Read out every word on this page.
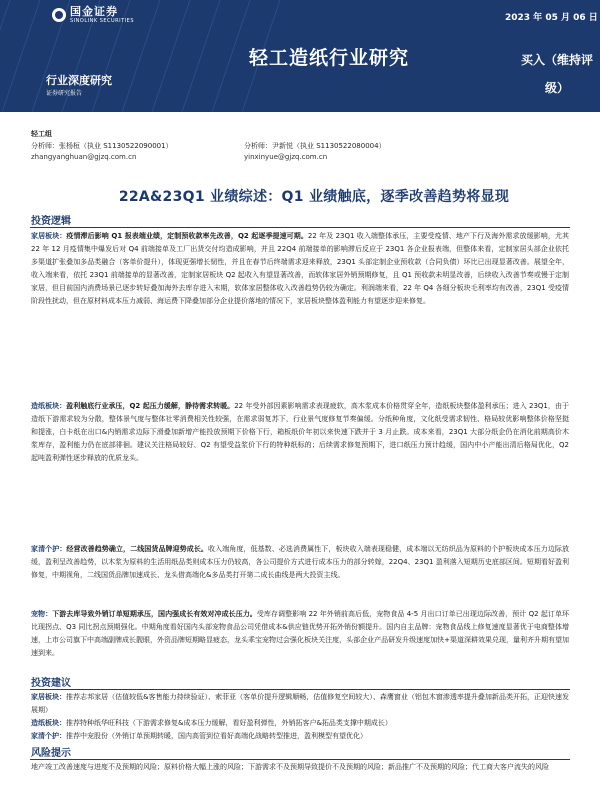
国金证券
SINOLINK SECURITIES	2023 年 05 月 06 日
轻工造纸行业研究	买入（维持评级）
行业深度研究
证券研究报告
轻工组
分析师：张杨桓（执业 S1130522090001）
zhangyanghuan@gjzq.com.cn
分析师：尹新悦（执业 S1130522080004）
yinxinyue@gjzq.com.cn
22A&23Q1 业绩综述：Q1 业绩触底，逐季改善趋势将显现
投资逻辑
家居板块：疫情滞后影响 Q1 报表端业绩，定制预收款率先改善，Q2 起逐季提速可期。22 年及 23Q1 收入端整体承压，主要受疫情、地产下行及海外需求放缓影响，尤其 22 年 12 月疫情集中爆发后对 Q4 前端接单及工厂出货交付均造成影响，并且 22Q4 前端接单的影响滞后反应于 23Q1 各企业报表端，但整体来看，定制家居头部企业依托多渠道扩张叠加多品类融合（客单价提升），体现更强增长韧性，并且在春节后终端需求迎来释放，23Q1 头部定制企业预收款（合同负债）环比已出现显著改善。展望全年，收入端来看，依托 23Q1 前端接单的显著改善，定制家居板块 Q2 起收入有望显著改善，而软体家居外销预期修复，且 Q1 预收款未明显改善，后续收入改善节奏或慢于定制家居，但目前国内消费场景已逐步转好叠加海外去库存进入末期，软体家居整体收入改善趋势仍较为确定。利润端来看，22 年 Q4 各细分板块毛利率均有改善，23Q1 受疫情阶段性扰动，但在原材料成本压力减弱、海运费下降叠加部分企业提价落地的情况下，家居板块整体盈利能力有望逐步迎来修复。
造纸板块：盈利触底行业承压，Q2 起压力缓解，静待需求转暖。22 年受外部因素影响需求表现疲软，高木浆成本价格贯穿全年，造纸板块整体盈利承压；进入 23Q1，由于造纸下游需求较为分散，整体景气度与整体社零消费相关性较强，在需求弱复苏下，行业景气度修复节奏偏缓。分纸种角度，文化纸受需求韧性、格局较优影响整体价格坚挺和提涨，白卡纸在出口&内销需求边际下滑叠加新增产能投放预期下价格下行，箱板纸价年初以来快速下跌并于 3 月止跌。成本来看，23Q1 大部分纸企仍在消化前期高价木浆库存，盈利能力仍在底部徘徊。建议关注格局较好、Q2 有望受益浆价下行的特种纸标的；后续需求修复预期下，进口纸压力预计趋缓，国内中小产能出清后格局优化，Q2 起吨盈利弹性逐步释放的优质龙头。
家清个护：经营改善趋势确立，二线国货品牌迎势成长。收入端角度，低基数、必选消费属性下，板块收入端表现稳健，成本端以无纺织品为原料的个护板块成本压力边际放缓，盈利呈改善趋势，以木浆为原料的生活用纸品类则成本压力仍较高，各公司提价方式进行成本压力的部分转嫁，22Q4、23Q1 盈利落入短期历史底部区间。短期看好盈利修复，中期视角，二线国货品牌加速成长、龙头借高端化&多品类打开第二成长曲线是两大投资主线。
宠物：下游去库导致外销订单短期承压，国内强成长有效对冲成长压力。受库存调整影响 22 年外销前高后低，宠物食品 4-5 月出口订单已出现边际改善，预计 Q2 起订单环比现拐点、Q3 同比拐点预期强化。中期角度看好国内头部宠物食品公司凭借成本&供应链优势开拓外销份额提升。国内自主品牌：宠物食品线上修复速度显著优于电商整体增速，上市公司旗下中高端副牌成长靓眼，外资品牌短期略显疲态，龙头乖宝宠物过会强化板块关注度，头部企业产品研发升级速度加快+渠道深耕效果兑现，量利齐升期有望加速到来。
投资建议
家居板块：推荐志邦家居（估值较低&客售能力持续验证）、索菲亚（客单价提升逻辑顺畅，估值修复空间较大）、森鹰窗业（铝包木窗渗透率提升叠加新品类开拓，正迎快速发展期）
造纸板块：推荐特种纸华旺科技（下游需求修复&成本压力缓解，看好盈利弹性，外销拓客户&拓品类支撑中期成长）
家清个护：推荐中宠股份（外销订单预期转暖，国内高管到位看好高端化战略转型推进，盈利模型有望优化）
风险提示
地产竣工改善速度与进度不及预期的风险；原料价格大幅上涨的风险；下游需求不及预期导致提价不及预期的风险；新品推广不及预期的风险；代工商大客户流失的风险
